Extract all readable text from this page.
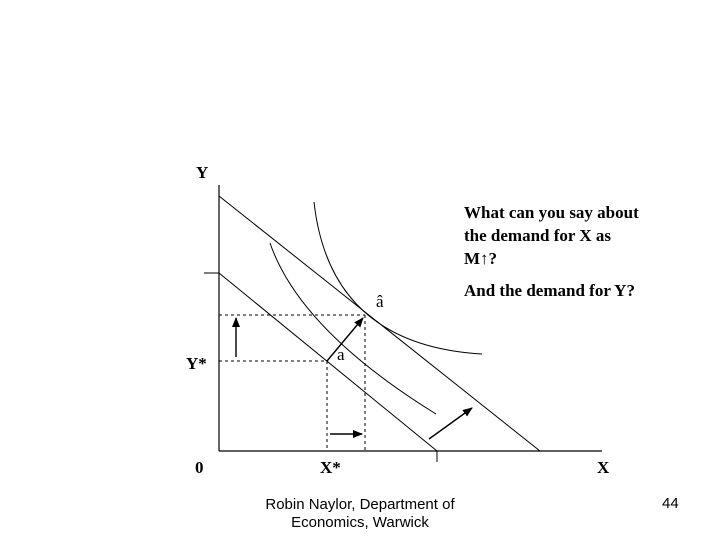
Y
X
0
Y*
X*
a
â
What can you say about
the demand for X as
M↑?
And the demand for Y?
Robin Naylor, Department of
Economics, Warwick
44
